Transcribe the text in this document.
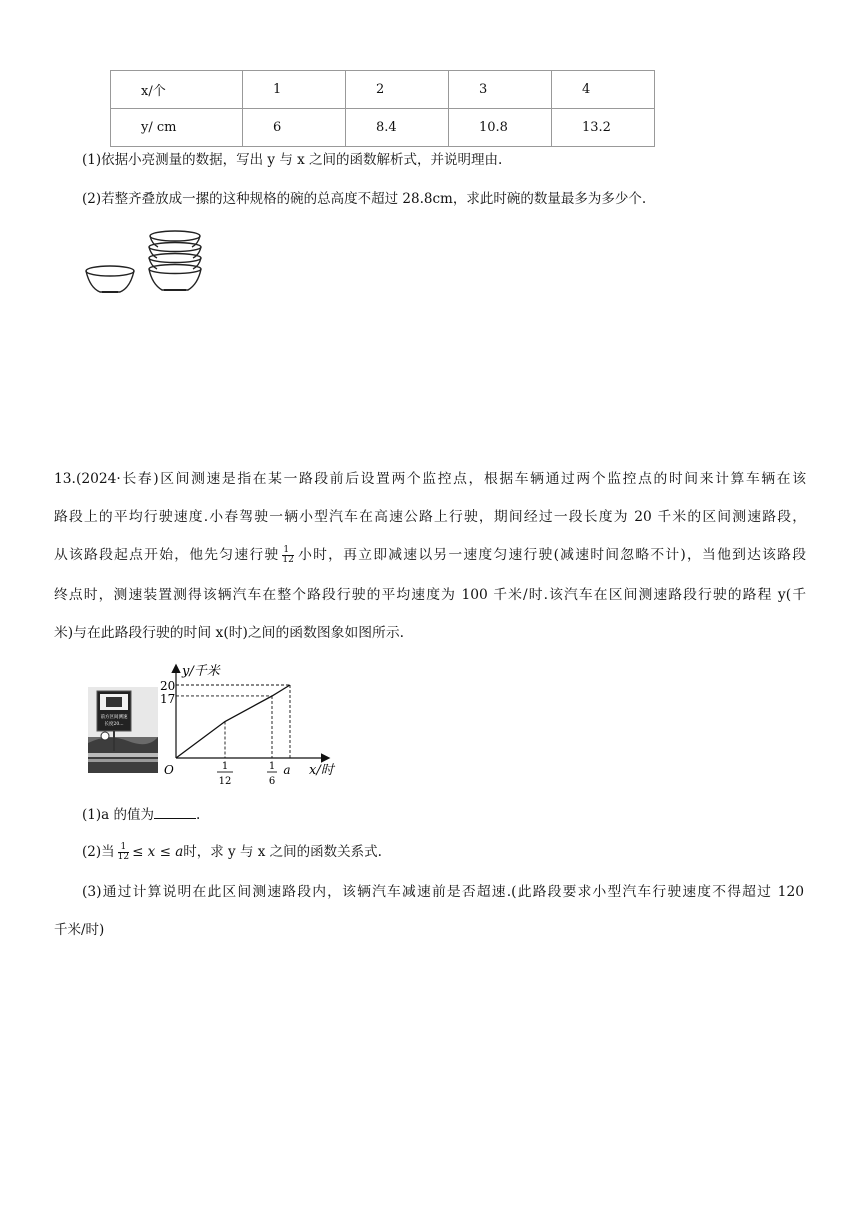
x/个	1	2	3	4
y/ cm	6	8.4	10.8	13.2
(1)依据小亮测量的数据，写出 y 与 x 之间的函数解析式，并说明理由.
(2)若整齐叠放成一摞的这种规格的碗的总高度不超过 28.8cm，求此时碗的数量最多为多少个.
13.(2024·长春)区间测速是指在某一路段前后设置两个监控点，根据车辆通过两个监控点的时间来计算车辆在该
路段上的平均行驶速度.小春驾驶一辆小型汽车在高速公路上行驶，期间经过一段长度为 20 千米的区间测速路段，
从该路段起点开始，他先匀速行驶 $\frac{1}{12}$ 小时，再立即减速以另一速度匀速行驶(减速时间忽略不计)，当他到达该路段
终点时，测速装置测得该辆汽车在整个路段行驶的平均速度为 100 千米/时.该汽车在区间测速路段行驶的路程 y(千
米)与在此路段行驶的时间 x(时)之间的函数图象如图所示.
前方区间测速
长度20...
y/千米
x/时
O
20
17
1
12
1
6
a
(1)a 的值为	.
(2)当 $\frac{1}{12} \le x \le a$时，求 y 与 x 之间的函数关系式.
(3)通过计算说明在此区间测速路段内，该辆汽车减速前是否超速.(此路段要求小型汽车行驶速度不得超过 120
千米/时)
